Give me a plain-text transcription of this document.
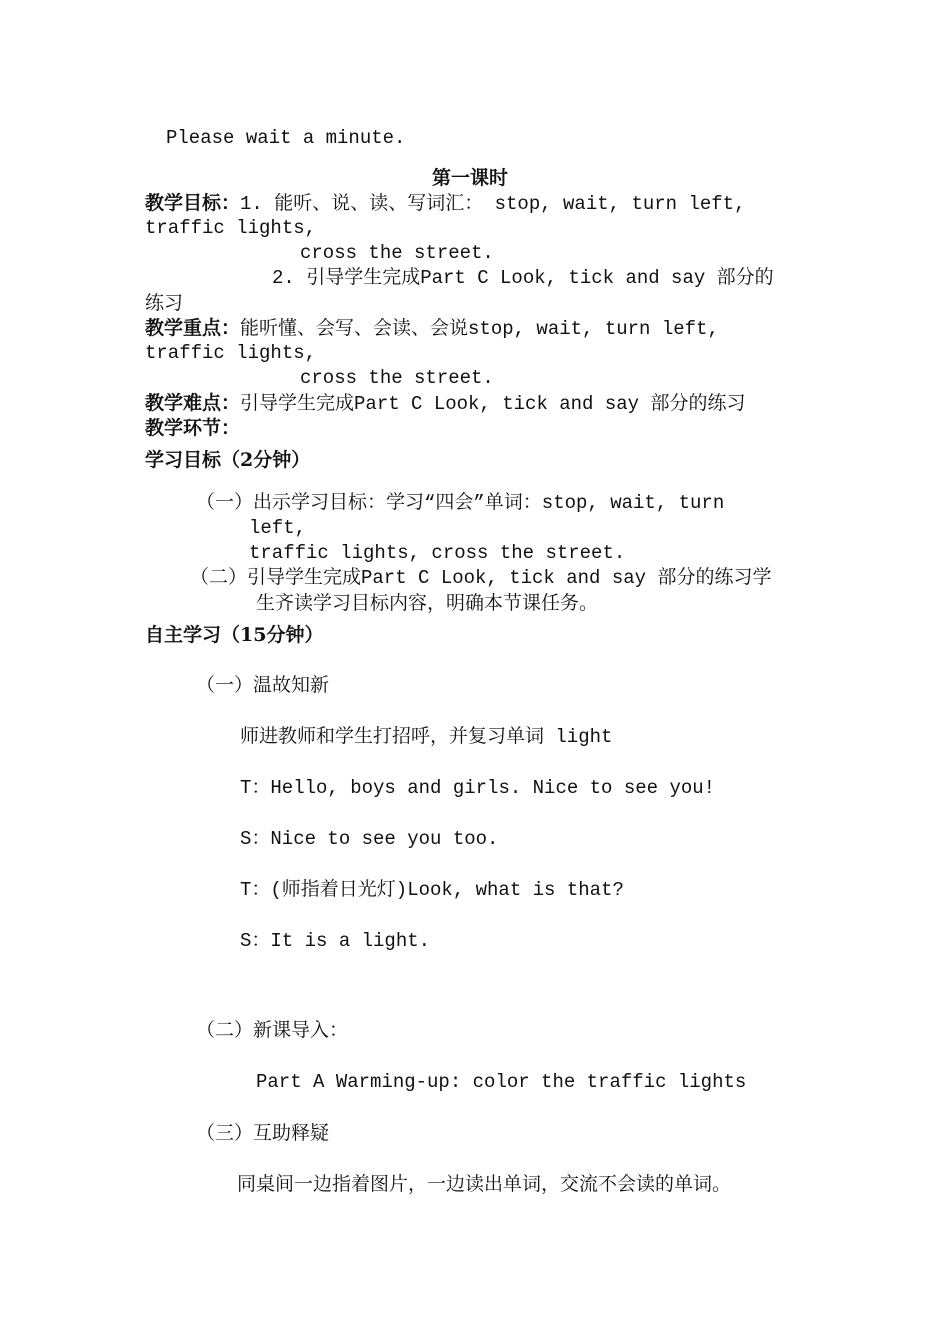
Please wait a minute.
第一课时
教学目标：1. 能听、说、读、写词汇： stop, wait, turn left,
traffic lights,
cross the street.
2. 引导学生完成Part C Look, tick and say 部分的
练习
教学重点：能听懂、会写、会读、会说stop, wait, turn left,
traffic lights,
cross the street.
教学难点：引导学生完成Part C Look, tick and say 部分的练习
教学环节：
学习目标（2分钟）
（一）出示学习目标：学习“四会”单词：stop, wait, turn
left,
traffic lights, cross the street.
（二）引导学生完成Part C Look, tick and say 部分的练习学
生齐读学习目标内容，明确本节课任务。
自主学习（15分钟）
（一）温故知新
师进教师和学生打招呼，并复习单词 light
T：Hello, boys and girls. Nice to see you!
S：Nice to see you too.
T：(师指着日光灯)Look, what is that?
S：It is a light.
（二）新课导入：
Part A Warming-up: color the traffic lights
（三）互助释疑
同桌间一边指着图片，一边读出单词，交流不会读的单词。
